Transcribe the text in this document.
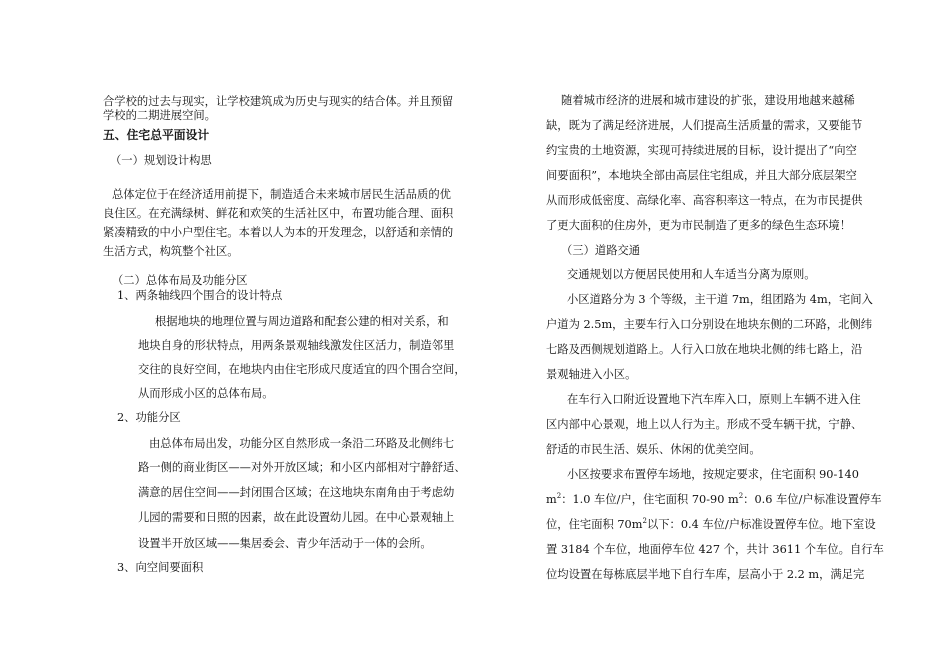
合学校的过去与现实，让学校建筑成为历史与现实的结合体。并且预留

学校的二期进展空间。

五、住宅总平面设计

（一）规划设计构思

总体定位于在经济适用前提下，制造适合未来城市居民生活品质的优

良住区。在充满绿树、鲜花和欢笑的生活社区中，布置功能合理、面积

紧凑精致的中小户型住宅。本着以人为本的开发理念，以舒适和亲情的

生活方式，构筑整个社区。

（二）总体布局及功能分区

1、两条轴线四个围合的设计特点

根据地块的地理位置与周边道路和配套公建的相对关系，和

地块自身的形状特点，用两条景观轴线激发住区活力，制造邻里

交往的良好空间，在地块内由住宅形成尺度适宜的四个围合空间，

从而形成小区的总体布局。

2、功能分区

由总体布局出发，功能分区自然形成一条沿二环路及北侧纬七

路一侧的商业街区——对外开放区域；和小区内部相对宁静舒适、

满意的居住空间——封闭围合区域；在这地块东南角由于考虑幼

儿园的需要和日照的因素，故在此设置幼儿园。在中心景观轴上

设置半开放区域——集居委会、青少年活动于一体的会所。

3、向空间要面积

随着城市经济的进展和城市建设的扩张，建设用地越来越稀

缺，既为了满足经济进展，人们提高生活质量的需求，又要能节

约宝贵的土地资源，实现可持续进展的目标，设计提出了“向空

间要面积”，本地块全部由高层住宅组成，并且大部分底层架空

从而形成低密度、高绿化率、高容积率这一特点，在为市民提供

了更大面积的住房外，更为市民制造了更多的绿色生态环境！

（三）道路交通

交通规划以方便居民使用和人车适当分离为原则。

小区道路分为 3 个等级，主干道 7m，组团路为 4m，宅间入

户道为 2.5m，主要车行入口分别设在地块东侧的二环路，北侧纬

七路及西侧规划道路上。人行入口放在地块北侧的纬七路上，沿

景观轴进入小区。

在车行入口附近设置地下汽车库入口，原则上车辆不进入住

区内部中心景观，地上以人行为主。形成不受车辆干扰，宁静、

舒适的市民生活、娱乐、休闲的优美空间。

小区按要求布置停车场地，按规定要求，住宅面积 90-140

$m^2$：1.0 车位/户，住宅面积 70-90 $m^2$：0.6 车位/户标准设置停车

位，住宅面积 $70m^2$以下：0.4 车位/户标准设置停车位。地下室设

置 3184 个车位，地面停车位 427 个，共计 3611 个车位。自行车

位均设置在每栋底层半地下自行车库，层高小于 2.2 m，满足完
